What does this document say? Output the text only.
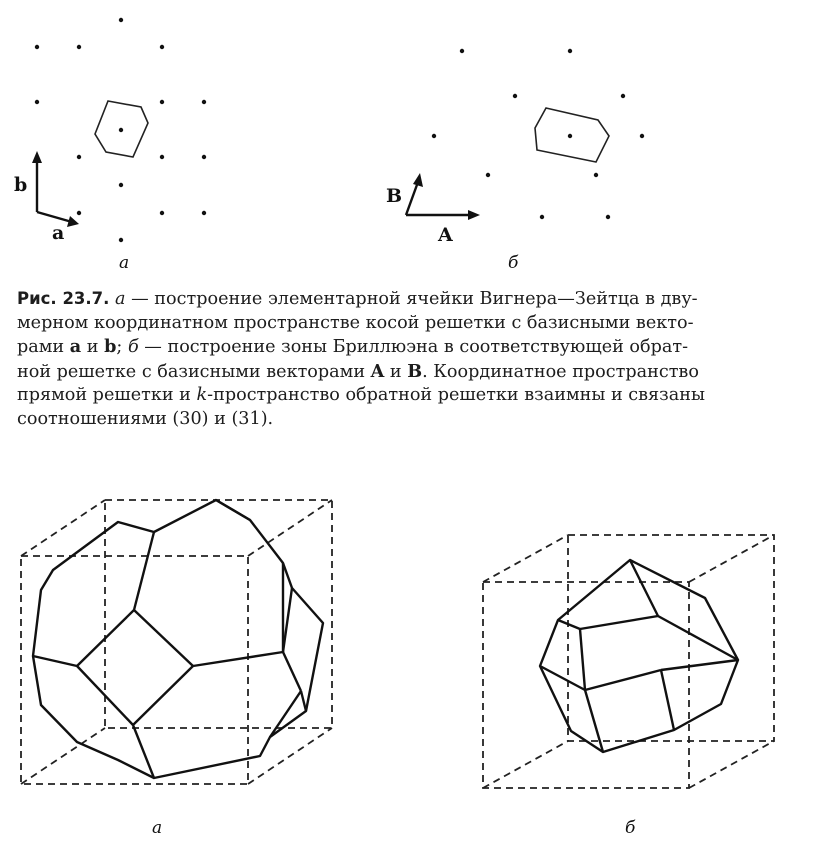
b
a
a
B
A
б
Рис. 23.7. а — построение элементарной ячейки Вигнера—Зейтца в дву-
мерном координатном пространстве косой решетки с базисными векто-
рами a и b; б — построение зоны Бриллюэна в соответствующей обрат-
ной решетке с базисными векторами A и B. Координатное пространство
прямой решетки и k-пространство обратной решетки взаимны и связаны
соотношениями (30) и (31).
a	б
